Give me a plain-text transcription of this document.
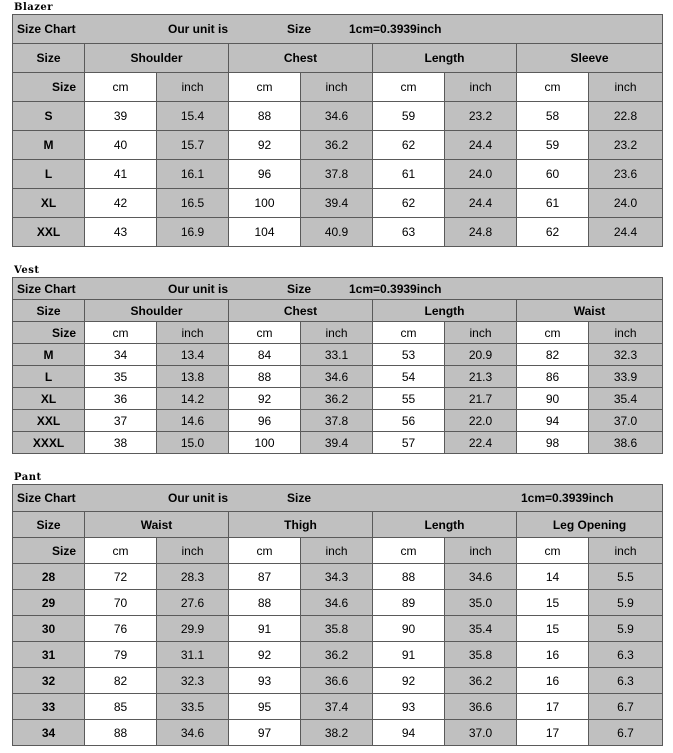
Blazer
Size Chart Our unit is Size 1cm=0.3939inch								

Size	Shoulder		Chest		Length		Sleeve	
Size	cm	inch	cm	inch	cm	inch	cm	inch
S	39	15.4	88	34.6	59	23.2	58	22.8
M	40	15.7	92	36.2	62	24.4	59	23.2
L	41	16.1	96	37.8	61	24.0	60	23.6
XL	42	16.5	100	39.4	62	24.4	61	24.0
XXL	43	16.9	104	40.9	63	24.8	62	24.4
Vest
Size Chart Our unit is Size 1cm=0.3939inch								

Size	Shoulder		Chest		Length		Waist	
Size	cm	inch	cm	inch	cm	inch	cm	inch
M	34	13.4	84	33.1	53	20.9	82	32.3
L	35	13.8	88	34.6	54	21.3	86	33.9
XL	36	14.2	92	36.2	55	21.7	90	35.4
XXL	37	14.6	96	37.8	56	22.0	94	37.0
XXXL	38	15.0	100	39.4	57	22.4	98	38.6
Pant
Size Chart Our unit is Size 1cm=0.3939inch								

Size	Waist		Thigh		Length		Leg Opening	
Size	cm	inch	cm	inch	cm	inch	cm	inch
28	72	28.3	87	34.3	88	34.6	14	5.5
29	70	27.6	88	34.6	89	35.0	15	5.9
30	76	29.9	91	35.8	90	35.4	15	5.9
31	79	31.1	92	36.2	91	35.8	16	6.3
32	82	32.3	93	36.6	92	36.2	16	6.3
33	85	33.5	95	37.4	93	36.6	17	6.7
34	88	34.6	97	38.2	94	37.0	17	6.7
